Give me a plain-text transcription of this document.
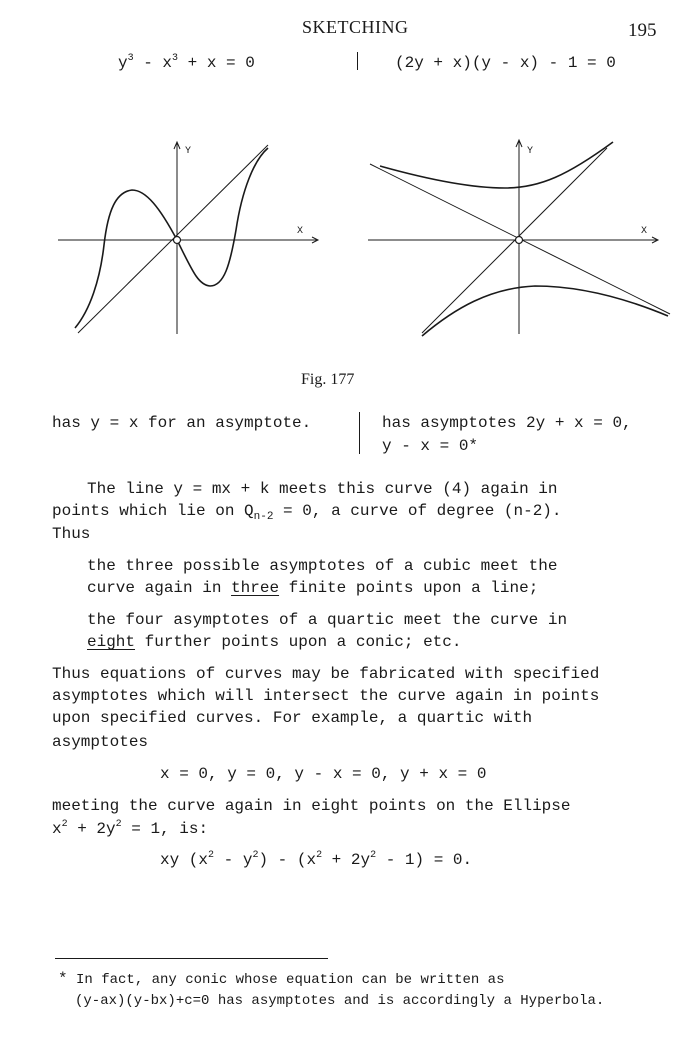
SKETCHING	195
$y^3 - x^3 + x = 0$	(2y + x)(y - x) - 1 = 0
X
Y
X
Y
Fig. 177
has y = x for an asymptote.	has asymptotes 2y + x = 0,
y - x = 0*
The line y = mx + k meets this curve (4) again in
points which lie on $Q_{n-2} = 0$, a curve of degree (n-2).
Thus
the three possible asymptotes of a cubic meet the
curve again in three finite points upon a line;
the four asymptotes of a quartic meet the curve in
eight further points upon a conic; etc.
Thus equations of curves may be fabricated with specified
asymptotes which will intersect the curve again in points
upon specified curves. For example, a quartic with
asymptotes
x = 0, y = 0, y - x = 0, y + x = 0
meeting the curve again in eight points on the Ellipse
$x^2 + 2y^2 = 1$, is:
xy $(x^2 - y^2) - (x^2 + 2y^2 - 1) = 0$.
* In fact, any conic whose equation can be written as
(y-ax)(y-bx)+c=0 has asymptotes and is accordingly a Hyperbola.
